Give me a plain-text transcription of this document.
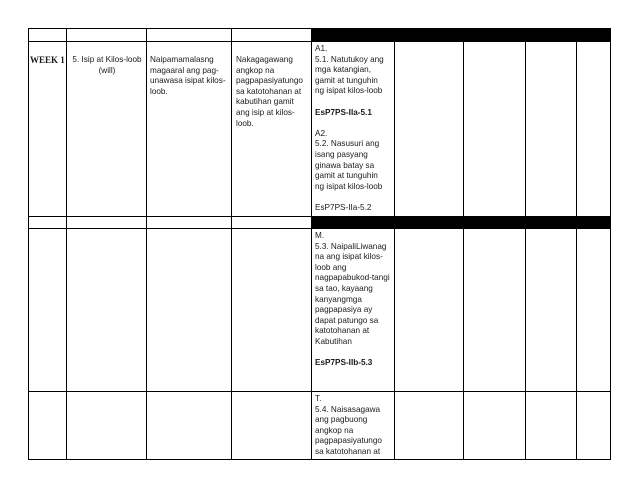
WEEK 1 5. Isip at Kilos-loob
(will)
Naipamamalasng
magaaral ang pag-
unawasa isipat kilos-
loob.
Nakagagawang
angkop na
pagpapasiyatungo
sa katotohanan at
kabutihan gamit
ang isip at kilos-
loob.

A1.

5.1. Natutukoy ang
mga katangian,
gamit at tunguhin
ng isipat kilos-loob

EsP7PS-IIa-5.1

A2.

5.2. Nasusuri ang
isang pasyang
ginawa batay sa
gamit at tunguhin
ng isipat kilos-loob

EsP7PS-IIa-5.2

M.

5.3. NaipaliLiwanag
na ang isipat kilos-
loob ang
nagpapabukod-tangi
sa tao, kayaang
kanyangmga
pagpapasiya ay
dapat patungo sa
katotohanan at
Kabutihan

EsP7PS-IIb-5.3

T.

5.4. Naisasagawa
ang pagbuong
angkop na
pagpapasiyatungo
sa katotohanan at
